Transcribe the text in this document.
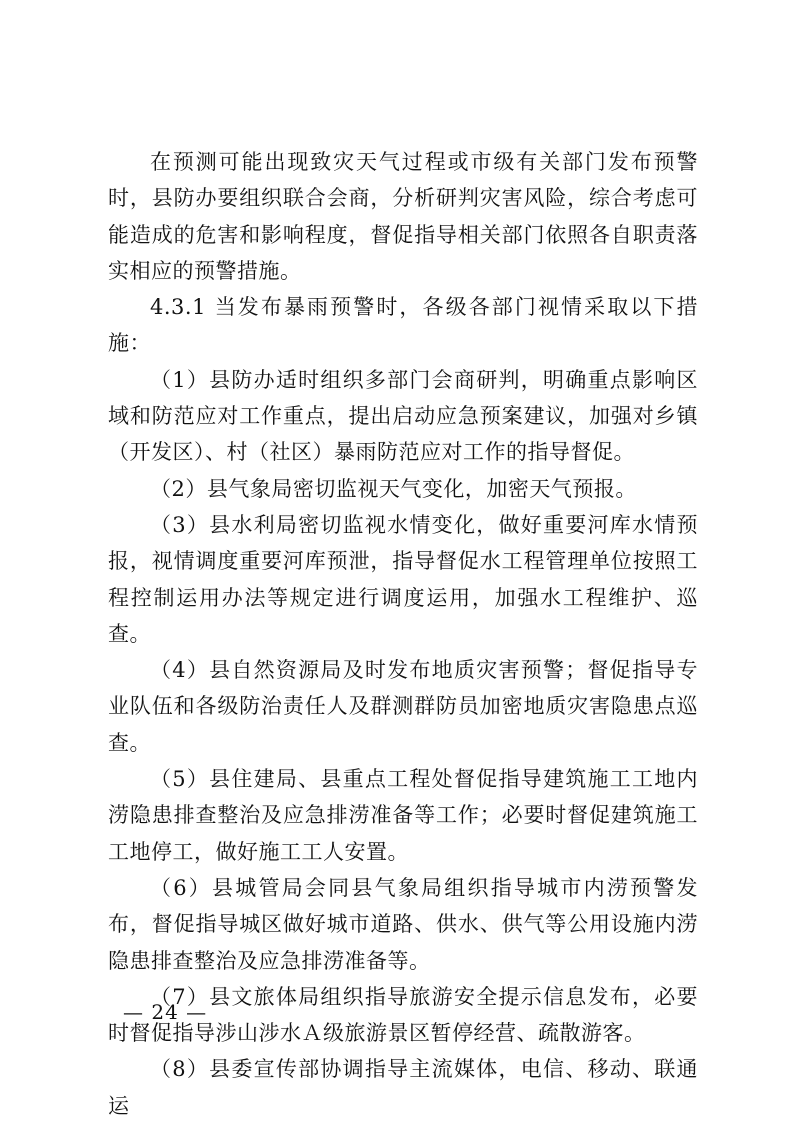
在预测可能出现致灾天气过程或市级有关部门发布预警时，县防办要组织联合会商，分析研判灾害风险，综合考虑可能造成的危害和影响程度，督促指导相关部门依照各自职责落实相应的预警措施。

4.3.1 当发布暴雨预警时，各级各部门视情采取以下措施：

（1）县防办适时组织多部门会商研判，明确重点影响区域和防范应对工作重点，提出启动应急预案建议，加强对乡镇（开发区）、村（社区）暴雨防范应对工作的指导督促。

（2）县气象局密切监视天气变化，加密天气预报。

（3）县水利局密切监视水情变化，做好重要河库水情预报，视情调度重要河库预泄，指导督促水工程管理单位按照工程控制运用办法等规定进行调度运用，加强水工程维护、巡查。

（4）县自然资源局及时发布地质灾害预警；督促指导专业队伍和各级防治责任人及群测群防员加密地质灾害隐患点巡查。

（5）县住建局、县重点工程处督促指导建筑施工工地内涝隐患排查整治及应急排涝准备等工作；必要时督促建筑施工工地停工，做好施工工人安置。

（6）县城管局会同县气象局组织指导城市内涝预警发布，督促指导城区做好城市道路、供水、供气等公用设施内涝隐患排查整治及应急排涝准备等。

（7）县文旅体局组织指导旅游安全提示信息发布，必要时督促指导涉山涉水Ａ级旅游景区暂停经营、疏散游客。

（8）县委宣传部协调指导主流媒体，电信、移动、联通运

— 24 —
